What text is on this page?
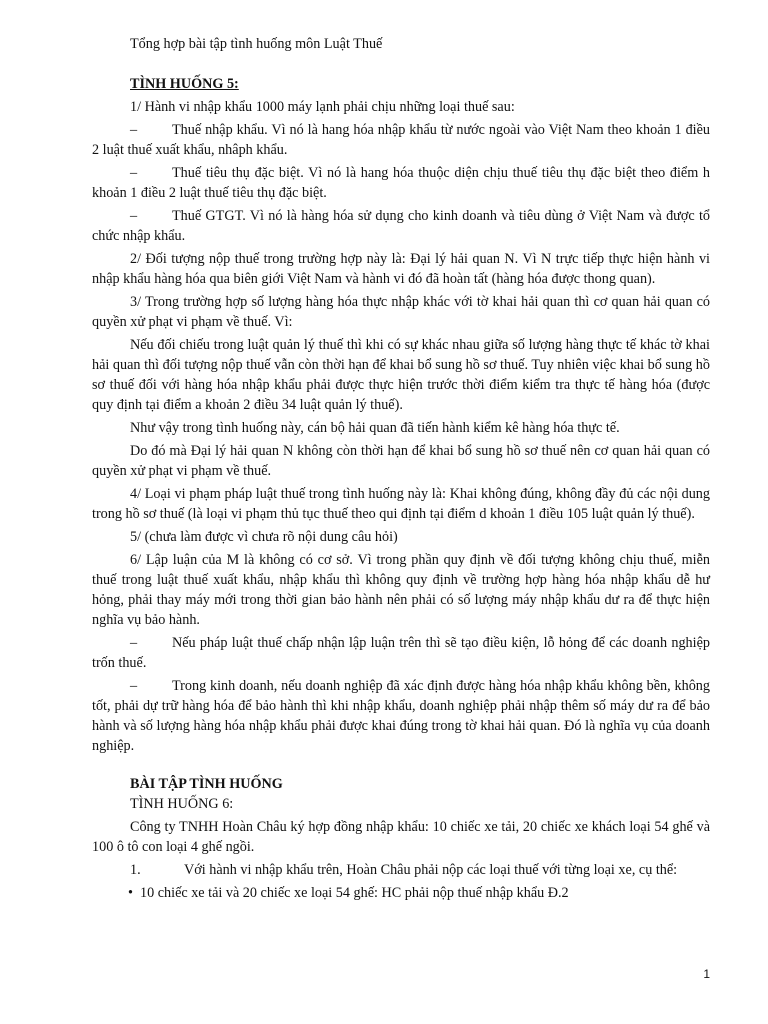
Tổng hợp bài tập tình huống môn Luật Thuế

TÌNH HUỐNG 5:

1/ Hành vi nhập khẩu 1000 máy lạnh phải chịu những loại thuế sau:

– Thuế nhập khẩu. Vì nó là hang hóa nhập khẩu từ nước ngoài vào Việt Nam theo khoản 1 điều 2 luật thuế xuất khẩu, nhâph khẩu.

– Thuế tiêu thụ đặc biệt. Vì nó là hang hóa thuộc diện chịu thuế tiêu thụ đặc biệt theo điểm h khoản 1 điều 2 luật thuế tiêu thụ đặc biệt.

– Thuế GTGT. Vì nó là hàng hóa sử dụng cho kinh doanh và tiêu dùng ở Việt Nam và được tổ chức nhập khẩu.

2/ Đối tượng nộp thuế trong trường hợp này là: Đại lý hải quan N. Vì N trực tiếp thực hiện hành vi nhập khẩu hàng hóa qua biên giới Việt Nam và hành vi đó đã hoàn tất (hàng hóa được thong quan).

3/ Trong trường hợp số lượng hàng hóa thực nhập khác với tờ khai hải quan thì cơ quan hải quan có quyền xử phạt vi phạm về thuế. Vì:

Nếu đối chiếu trong luật quản lý thuế thì khi có sự khác nhau giữa số lượng hàng thực tế khác tờ khai hải quan thì đối tượng nộp thuế vẫn còn thời hạn để khai bổ sung hồ sơ thuế. Tuy nhiên việc khai bổ sung hồ sơ thuế đối với hàng hóa nhập khẩu phải được thực hiện trước thời điểm kiểm tra thực tế hàng hóa (được quy định tại điểm a khoản 2 điều 34 luật quản lý thuế).

Như vậy trong tình huống này, cán bộ hải quan đã tiến hành kiểm kê hàng hóa thực tế.

Do đó mà Đại lý hải quan N không còn thời hạn để khai bổ sung hồ sơ thuế nên cơ quan hải quan có quyền xử phạt vi phạm về thuế.

4/ Loại vi phạm pháp luật thuế trong tình huống này là: Khai không đúng, không đầy đủ các nội dung trong hồ sơ thuế (là loại vi phạm thủ tục thuế theo qui định tại điểm d khoản 1 điều 105 luật quản lý thuế).

5/ (chưa làm được vì chưa rõ nội dung câu hỏi)

6/ Lập luận của M là không có cơ sở. Vì trong phần quy định về đối tượng không chịu thuế, miễn thuế trong luật thuế xuất khẩu, nhập khẩu thì không quy định về trường hợp hàng hóa nhập khẩu dễ hư hỏng, phải thay máy mới trong thời gian bảo hành nên phải có số lượng máy nhập khẩu dư ra để thực hiện nghĩa vụ bảo hành.

– Nếu pháp luật thuế chấp nhận lập luận trên thì sẽ tạo điều kiện, lỗ hỏng để các doanh nghiệp trốn thuế.

– Trong kinh doanh, nếu doanh nghiệp đã xác định được hàng hóa nhập khẩu không bền, không tốt, phải dự trữ hàng hóa để bảo hành thì khi nhập khẩu, doanh nghiệp phải nhập thêm số máy dư ra để bảo hành và số lượng hàng hóa nhập khẩu phải được khai đúng trong tờ khai hải quan. Đó là nghĩa vụ của doanh nghiệp.

BÀI TẬP TÌNH HUỐNG

TÌNH HUỐNG 6:

Công ty TNHH Hoàn Châu ký hợp đồng nhập khẩu: 10 chiếc xe tải, 20 chiếc xe khách loại 54 ghế và 100 ô tô con loại 4 ghế ngồi.

1.	Với hành vi nhập khẩu trên, Hoàn Châu phải nộp các loại thuế với từng loại xe, cụ thể:

• 10 chiếc xe tải và 20 chiếc xe loại 54 ghế: HC phải nộp thuế nhập khẩu Đ.2

1
